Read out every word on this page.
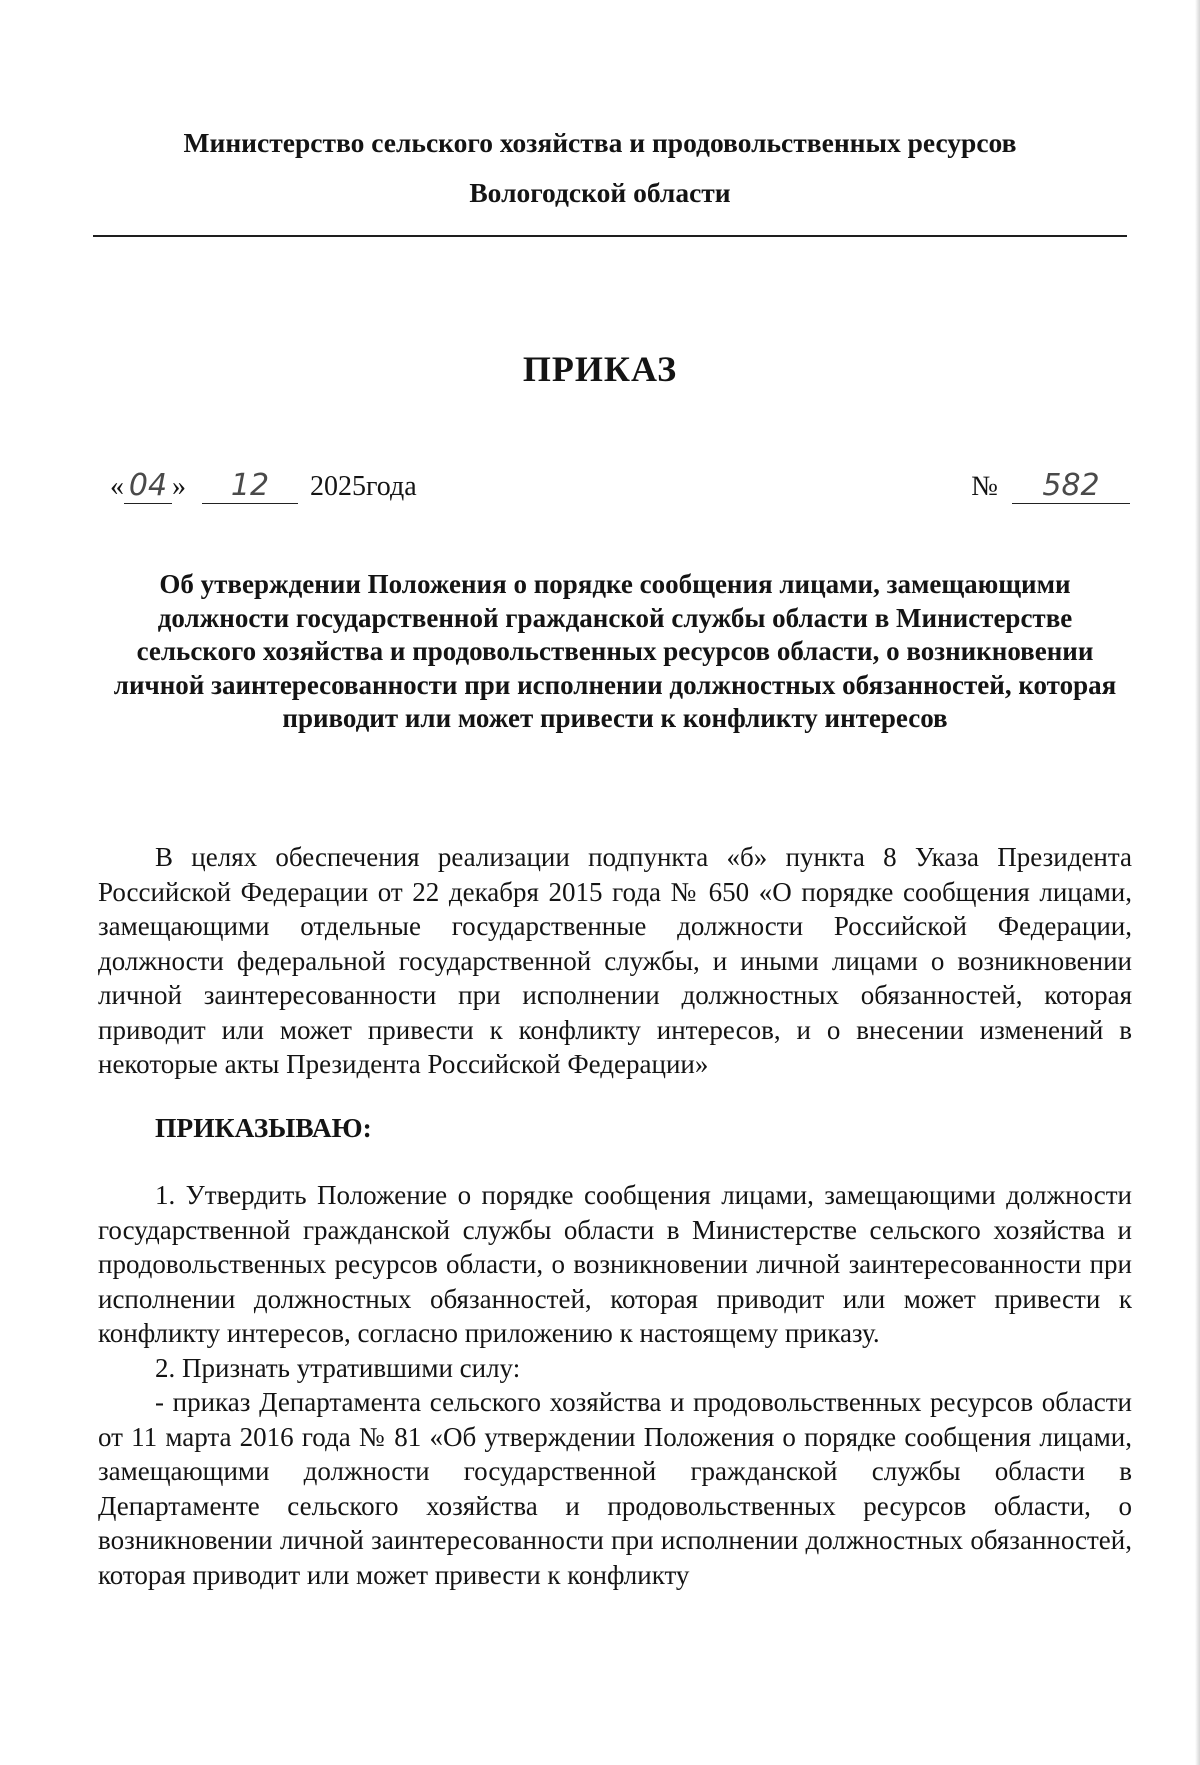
Министерство сельского хозяйства и продовольственных ресурсов
Вологодской области
ПРИКАЗ
« 04 » 12 2025года	№ 582
Об утверждении Положения о порядке сообщения лицами, замещающими должности государственной гражданской службы области в Министерстве сельского хозяйства и продовольственных ресурсов области, о возникновении личной заинтересованности при исполнении должностных обязанностей, которая приводит или может привести к конфликту интересов

В целях обеспечения реализации подпункта «б» пункта 8 Указа Президента Российской Федерации от 22 декабря 2015 года № 650 «О порядке сообщения лицами, замещающими отдельные государственные должности Российской Федерации, должности федеральной государственной службы, и иными лицами о возникновении личной заинтересованности при исполнении должностных обязанностей, которая приводит или может привести к конфликту интересов, и о внесении изменений в некоторые акты Президента Российской Федерации»

ПРИКАЗЫВАЮ:

1. Утвердить Положение о порядке сообщения лицами, замещающими должности государственной гражданской службы области в Министерстве сельского хозяйства и продовольственных ресурсов области, о возникновении личной заинтересованности при исполнении должностных обязанностей, которая приводит или может привести к конфликту интересов, согласно приложению к настоящему приказу.

2. Признать утратившими силу:

- приказ Департамента сельского хозяйства и продовольственных ресурсов области от 11 марта 2016 года № 81 «Об утверждении Положения о порядке сообщения лицами, замещающими должности государственной гражданской службы области в Департаменте сельского хозяйства и продовольственных ресурсов области, о возникновении личной заинтересованности при исполнении должностных обязанностей, которая приводит или может привести к конфликту
